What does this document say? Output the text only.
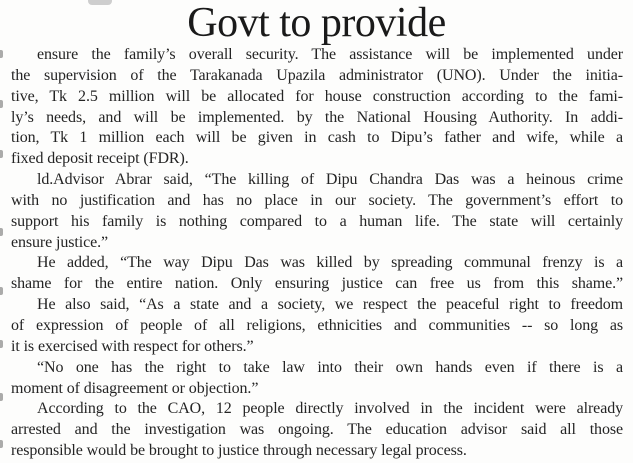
Govt to provide
ensure the family’s overall security. The assistance will be implemented under
the supervision of the Tarakanada Upazila administrator (UNO). Under the initia-
tive, Tk 2.5 million will be allocated for house construction according to the fami-
ly’s needs, and will be implemented. by the National Housing Authority. In addi-
tion, Tk 1 million each will be given in cash to Dipu’s father and wife, while a
fixed deposit receipt (FDR).
ld.Advisor Abrar said, “The killing of Dipu Chandra Das was a heinous crime
with no justification and has no place in our society. The government’s effort to
support his family is nothing compared to a human life. The state will certainly
ensure justice.”
He added, “The way Dipu Das was killed by spreading communal frenzy is a
shame for the entire nation. Only ensuring justice can free us from this shame.”
He also said, “As a state and a society, we respect the peaceful right to freedom
of expression of people of all religions, ethnicities and communities -- so long as
it is exercised with respect for others.”
“No one has the right to take law into their own hands even if there is a
moment of disagreement or objection.”
According to the CAO, 12 people directly involved in the incident were already
arrested and the investigation was ongoing. The education advisor said all those
responsible would be brought to justice through necessary legal process.
